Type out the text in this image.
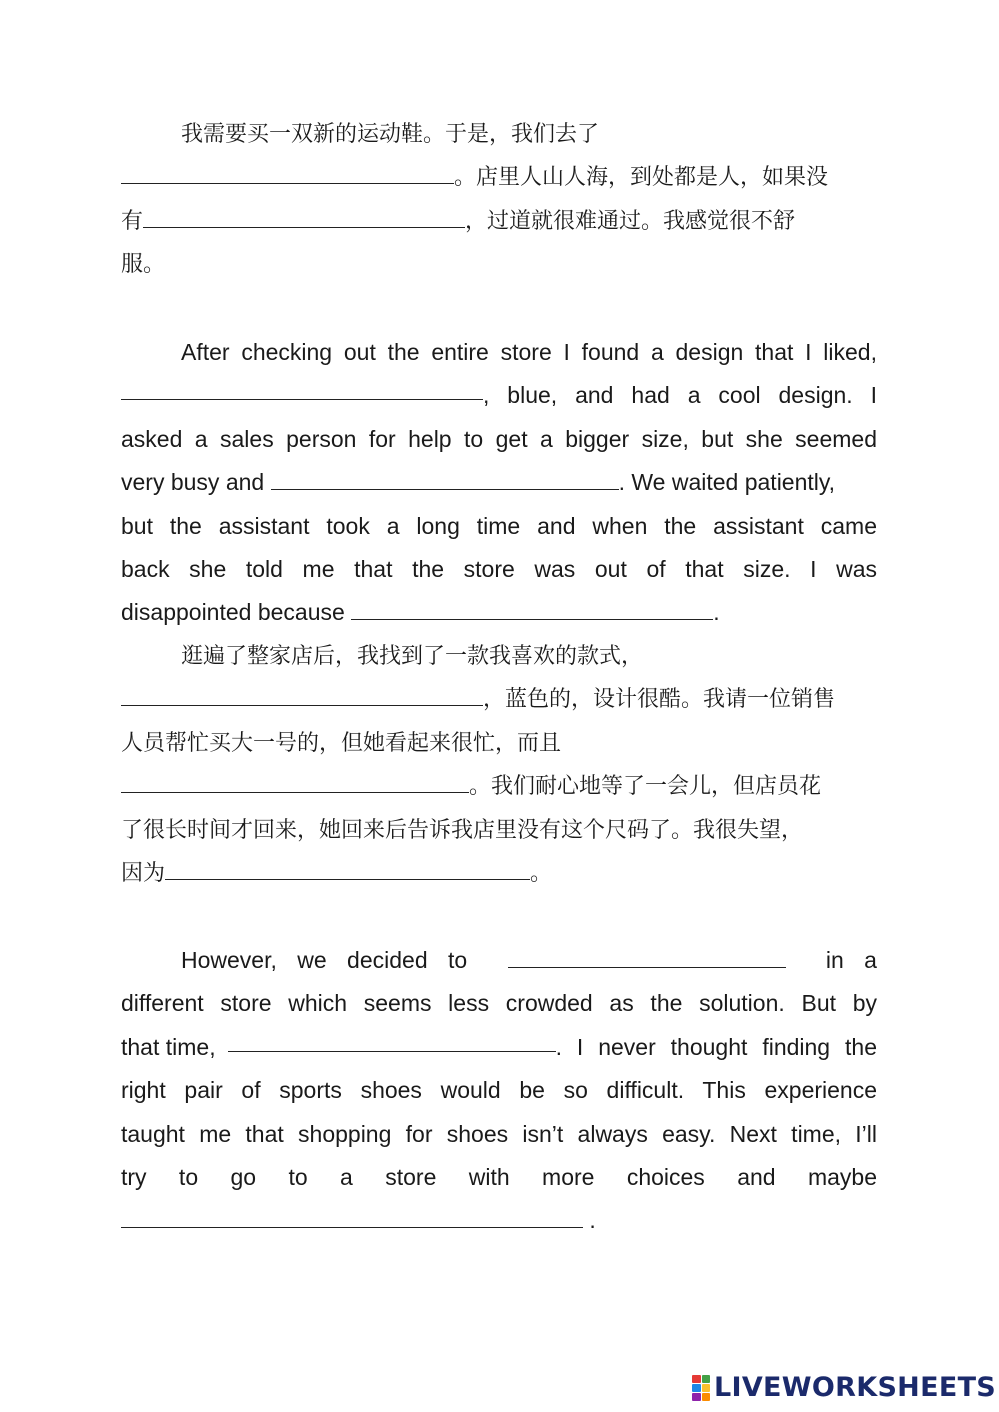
我需要买一双新的运动鞋。于是，我们去了
。店里人山人海，到处都是人，如果没
有	，过道就很难通过。我感觉很不舒
服。
After checking out the entire store I found a design that I liked,
, blue, and had a cool design. I
asked a sales person for help to get a bigger size, but she seemed
very busy and	. We waited patiently,
but the assistant took a long time and when the assistant came
back she told me that the store was out of that size. I was
disappointed because	.
逛遍了整家店后，我找到了一款我喜欢的款式，
，蓝色的，设计很酷。我请一位销售
人员帮忙买大一号的，但她看起来很忙，而且
。我们耐心地等了一会儿，但店员花
了很长时间才回来，她回来后告诉我店里没有这个尺码了。我很失望，
因为	。
However, we decided to	in a
different store which seems less crowded as the solution. But by
that time,	. I never thought finding the
right pair of sports shoes would be so difficult. This experience
taught me that shopping for shoes isn’t always easy. Next time, I’ll
try to go to a store with more choices and maybe
.
LIVEWORKSHEETS
